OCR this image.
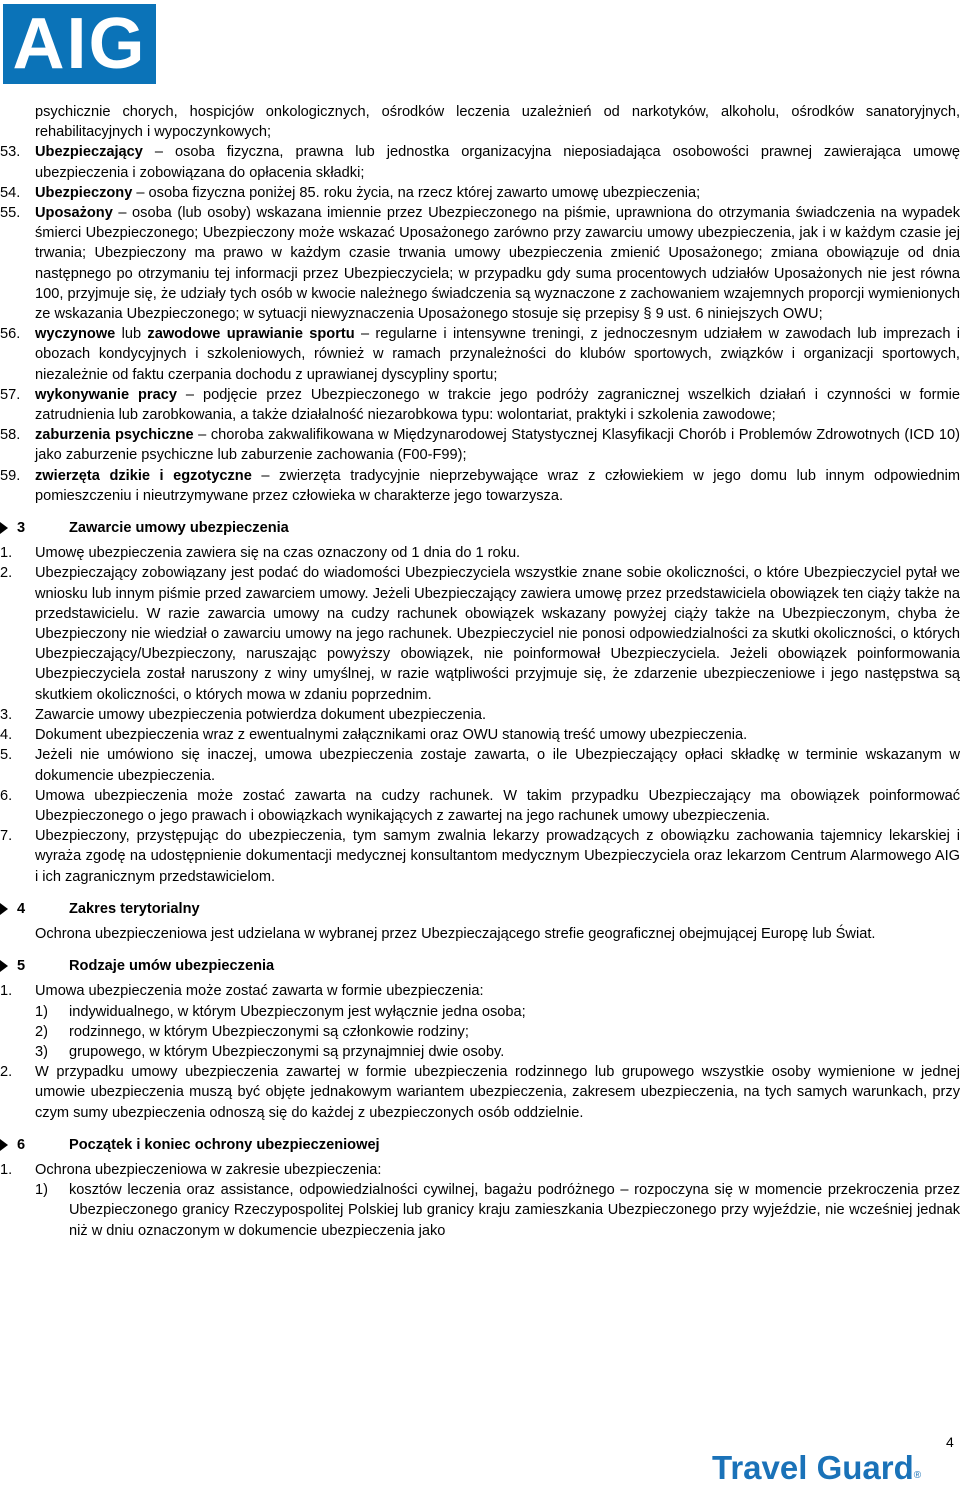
AIG
psychicznie chorych, hospicjów onkologicznych, ośrodków leczenia uzależnień od narkotyków, alkoholu, ośrodków sanatoryjnych, rehabilitacyjnych i wypoczynkowych;
53. Ubezpieczający – osoba fizyczna, prawna lub jednostka organizacyjna nieposiadająca osobowości prawnej zawierająca umowę ubezpieczenia i zobowiązana do opłacenia składki;
54. Ubezpieczony – osoba fizyczna poniżej 85. roku życia, na rzecz której zawarto umowę ubezpieczenia;
55. Uposażony – osoba (lub osoby) wskazana imiennie przez Ubezpieczonego na piśmie, uprawniona do otrzymania świadczenia na wypadek śmierci Ubezpieczonego; Ubezpieczony może wskazać Uposażonego zarówno przy zawarciu umowy ubezpieczenia, jak i w każdym czasie jej trwania; Ubezpieczony ma prawo w każdym czasie trwania umowy ubezpieczenia zmienić Uposażonego; zmiana obowiązuje od dnia następnego po otrzymaniu tej informacji przez Ubezpieczyciela; w przypadku gdy suma procentowych udziałów Uposażonych nie jest równa 100, przyjmuje się, że udziały tych osób w kwocie należnego świadczenia są wyznaczone z zachowaniem wzajemnych proporcji wymienionych ze wskazania Ubezpieczonego; w sytuacji niewyznaczenia Uposażonego stosuje się przepisy § 9 ust. 6 niniejszych OWU;
56. wyczynowe lub zawodowe uprawianie sportu – regularne i intensywne treningi, z jednoczesnym udziałem w zawodach lub imprezach i obozach kondycyjnych i szkoleniowych, również w ramach przynależności do klubów sportowych, związków i organizacji sportowych, niezależnie od faktu czerpania dochodu z uprawianej dyscypliny sportu;
57. wykonywanie pracy – podjęcie przez Ubezpieczonego w trakcie jego podróży zagranicznej wszelkich działań i czynności w formie zatrudnienia lub zarobkowania, a także działalność niezarobkowa typu: wolontariat, praktyki i szkolenia zawodowe;
58. zaburzenia psychiczne – choroba zakwalifikowana w Międzynarodowej Statystycznej Klasyfikacji Chorób i Problemów Zdrowotnych (ICD 10) jako zaburzenie psychiczne lub zaburzenie zachowania (F00-F99);
59. zwierzęta dzikie i egzotyczne – zwierzęta tradycyjnie nieprzebywające wraz z człowiekiem w jego domu lub innym odpowiednim pomieszczeniu i nieutrzymywane przez człowieka w charakterze jego towarzysza.
3	Zawarcie umowy ubezpieczenia
1. Umowę ubezpieczenia zawiera się na czas oznaczony od 1 dnia do 1 roku.
2. Ubezpieczający zobowiązany jest podać do wiadomości Ubezpieczyciela wszystkie znane sobie okoliczności, o które Ubezpieczyciel pytał we wniosku lub innym piśmie przed zawarciem umowy. Jeżeli Ubezpieczający zawiera umowę przez przedstawiciela obowiązek ten ciąży także na przedstawicielu. W razie zawarcia umowy na cudzy rachunek obowiązek wskazany powyżej ciąży także na Ubezpieczonym, chyba że Ubezpieczony nie wiedział o zawarciu umowy na jego rachunek. Ubezpieczyciel nie ponosi odpowiedzialności za skutki okoliczności, o których Ubezpieczający/Ubezpieczony, naruszając powyższy obowiązek, nie poinformował Ubezpieczyciela. Jeżeli obowiązek poinformowania Ubezpieczyciela został naruszony z winy umyślnej, w razie wątpliwości przyjmuje się, że zdarzenie ubezpieczeniowe i jego następstwa są skutkiem okoliczności, o których mowa w zdaniu poprzednim.
3. Zawarcie umowy ubezpieczenia potwierdza dokument ubezpieczenia.
4. Dokument ubezpieczenia wraz z ewentualnymi załącznikami oraz OWU stanowią treść umowy ubezpieczenia.
5. Jeżeli nie umówiono się inaczej, umowa ubezpieczenia zostaje zawarta, o ile Ubezpieczający opłaci składkę w terminie wskazanym w dokumencie ubezpieczenia.
6. Umowa ubezpieczenia może zostać zawarta na cudzy rachunek. W takim przypadku Ubezpieczający ma obowiązek poinformować Ubezpieczonego o jego prawach i obowiązkach wynikających z zawartej na jego rachunek umowy ubezpieczenia.
7. Ubezpieczony, przystępując do ubezpieczenia, tym samym zwalnia lekarzy prowadzących z obowiązku zachowania tajemnicy lekarskiej i wyraża zgodę na udostępnienie dokumentacji medycznej konsultantom medycznym Ubezpieczyciela oraz lekarzom Centrum Alarmowego AIG i ich zagranicznym przedstawicielom.
4	Zakres terytorialny
Ochrona ubezpieczeniowa jest udzielana w wybranej przez Ubezpieczającego strefie geograficznej obejmującej Europę lub Świat.
5	Rodzaje umów ubezpieczenia
1. Umowa ubezpieczenia może zostać zawarta w formie ubezpieczenia:
1) indywidualnego, w którym Ubezpieczonym jest wyłącznie jedna osoba;
2) rodzinnego, w którym Ubezpieczonymi są członkowie rodziny;
3) grupowego, w którym Ubezpieczonymi są przynajmniej dwie osoby.
2. W przypadku umowy ubezpieczenia zawartej w formie ubezpieczenia rodzinnego lub grupowego wszystkie osoby wymienione w jednej umowie ubezpieczenia muszą być objęte jednakowym wariantem ubezpieczenia, zakresem ubezpieczenia, na tych samych warunkach, przy czym sumy ubezpieczenia odnoszą się do każdej z ubezpieczonych osób oddzielnie.
6	Początek i koniec ochrony ubezpieczeniowej
1. Ochrona ubezpieczeniowa w zakresie ubezpieczenia:
1) kosztów leczenia oraz assistance, odpowiedzialności cywilnej, bagażu podróżnego – rozpoczyna się w momencie przekroczenia przez Ubezpieczonego granicy Rzeczypospolitej Polskiej lub granicy kraju zamieszkania Ubezpieczonego przy wyjeździe, nie wcześniej jednak niż w dniu oznaczonym w dokumencie ubezpieczenia jako
4
Travel Guard®
